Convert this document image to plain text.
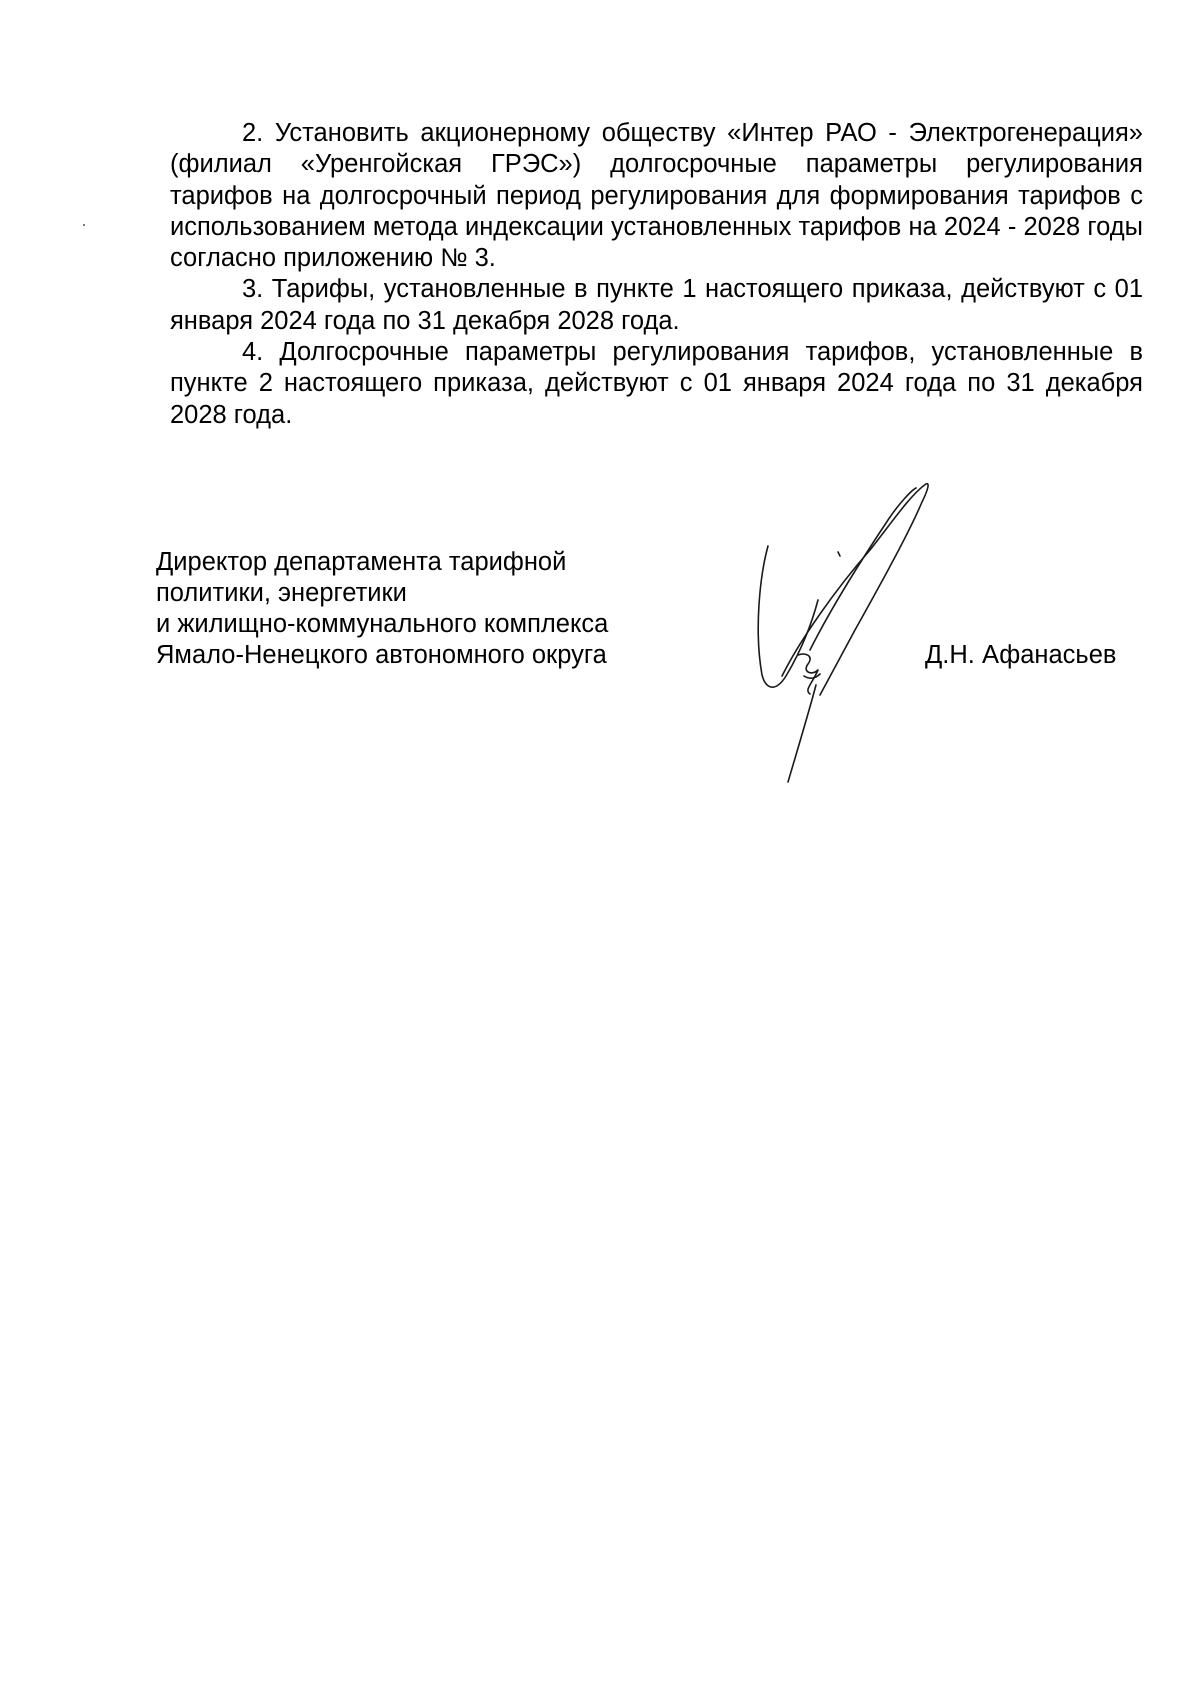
2. Установить акционерному обществу «Интер РАО - Электрогенерация» (филиал «Уренгойская ГРЭС») долгосрочные параметры регулирования тарифов на долгосрочный период регулирования для формирования тарифов с использованием метода индексации установленных тарифов на 2024 - 2028 годы согласно приложению № 3.

3. Тарифы, установленные в пункте 1 настоящего приказа, действуют с 01 января 2024 года по 31 декабря 2028 года.

4. Долгосрочные параметры регулирования тарифов, установленные в пункте 2 настоящего приказа, действуют с 01 января 2024 года по 31 декабря 2028 года.

Директор департамента тарифной
политики, энергетики
и жилищно-коммунального комплекса
Ямало-Ненецкого автономного округа	Д.Н. Афанасьев
